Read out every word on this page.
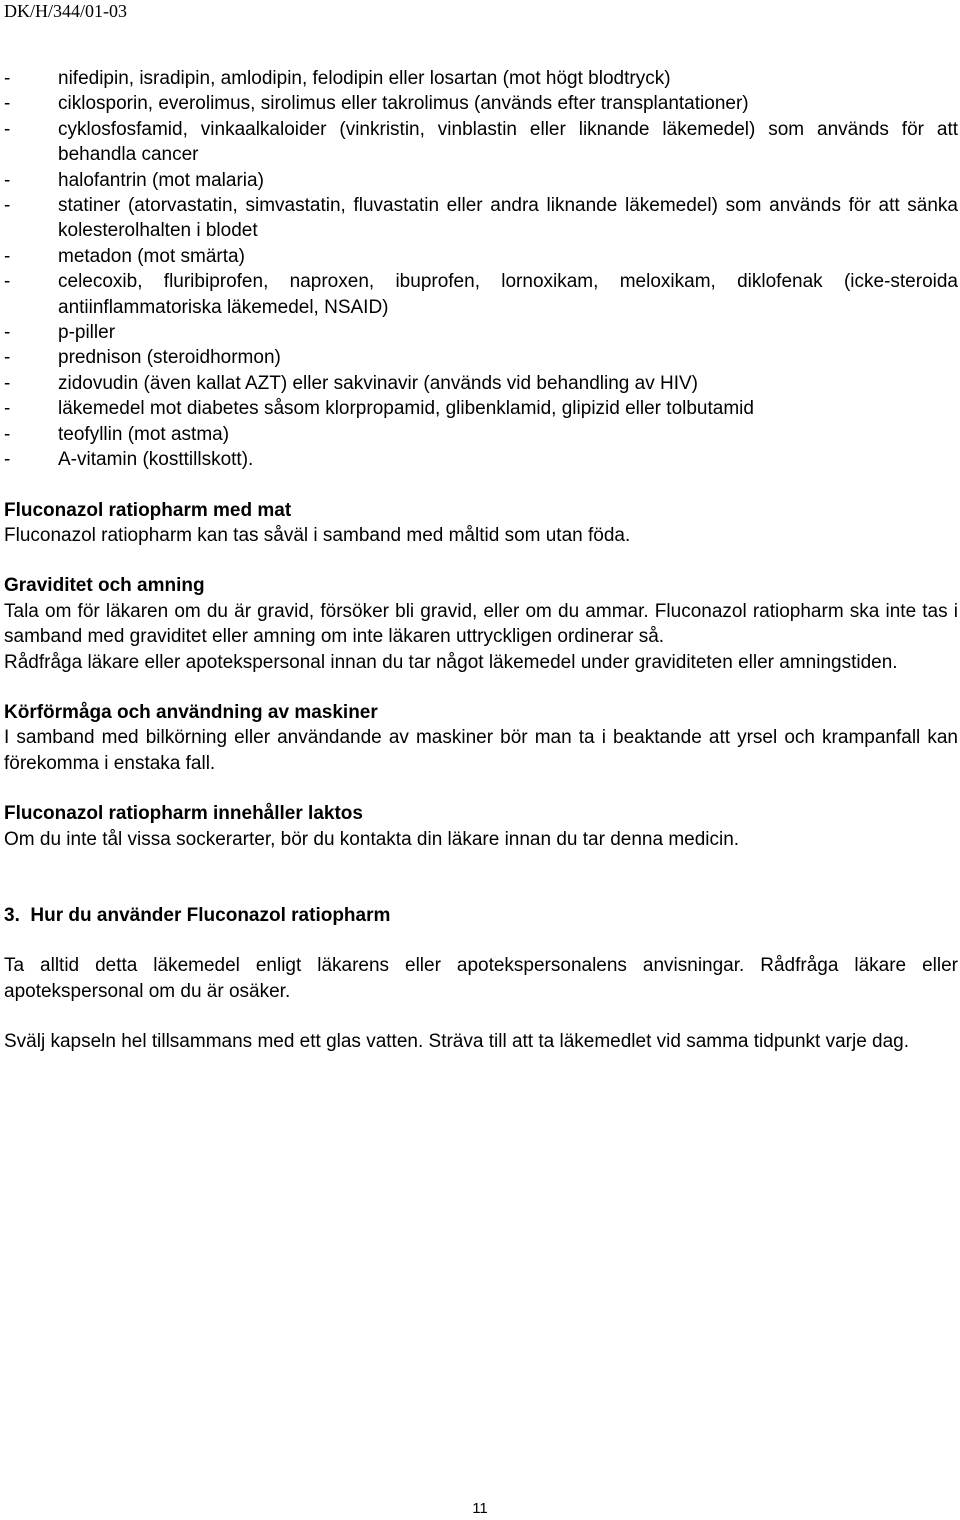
DK/H/344/01-03
-	nifedipin, isradipin, amlodipin, felodipin eller losartan (mot högt blodtryck)
-	ciklosporin, everolimus, sirolimus eller takrolimus (används efter transplantationer)
-	cyklosfosfamid, vinkaalkaloider (vinkristin, vinblastin eller liknande läkemedel) som används för att behandla cancer
-	halofantrin (mot malaria)
-	statiner (atorvastatin, simvastatin, fluvastatin eller andra liknande läkemedel) som används för att sänka kolesterolhalten i blodet
-	metadon (mot smärta)
-	celecoxib, fluribiprofen, naproxen, ibuprofen, lornoxikam, meloxikam, diklofenak (icke-steroida antiinflammatoriska läkemedel, NSAID)
-	p-piller
-	prednison (steroidhormon)
-	zidovudin (även kallat AZT) eller sakvinavir (används vid behandling av HIV)
-	läkemedel mot diabetes såsom klorpropamid, glibenklamid, glipizid eller tolbutamid
-	teofyllin (mot astma)
-	A-vitamin (kosttillskott).
Fluconazol ratiopharm med mat

Fluconazol ratiopharm kan tas såväl i samband med måltid som utan föda.

Graviditet och amning

Tala om för läkaren om du är gravid, försöker bli gravid, eller om du ammar. Fluconazol ratiopharm ska inte tas i samband med graviditet eller amning om inte läkaren uttryckligen ordinerar så.

Rådfråga läkare eller apotekspersonal innan du tar något läkemedel under graviditeten eller amningstiden.

Körförmåga och användning av maskiner

I samband med bilkörning eller användande av maskiner bör man ta i beaktande att yrsel och krampanfall kan förekomma i enstaka fall.

Fluconazol ratiopharm innehåller laktos

Om du inte tål vissa sockerarter, bör du kontakta din läkare innan du tar denna medicin.

3.  Hur du använder Fluconazol ratiopharm

Ta alltid detta läkemedel enligt läkarens eller apotekspersonalens anvisningar. Rådfråga läkare eller apotekspersonal om du är osäker.

Svälj kapseln hel tillsammans med ett glas vatten. Sträva till att ta läkemedlet vid samma tidpunkt varje dag.

11
